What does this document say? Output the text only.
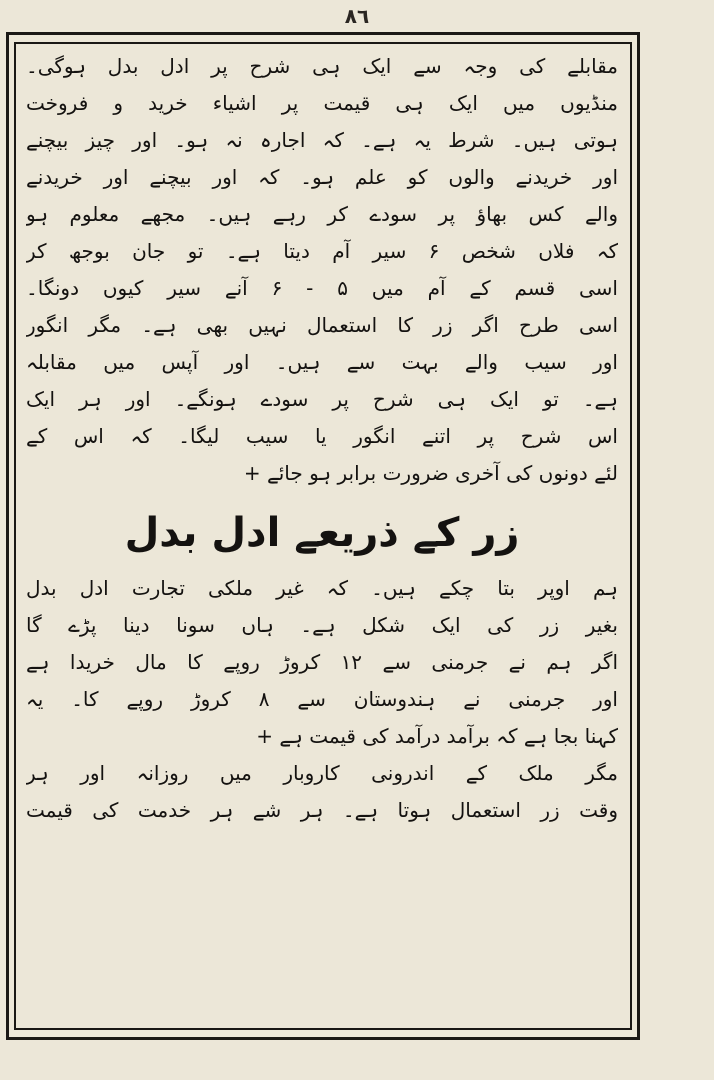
٨٦
مقابلے کی وجہ سے ایک ہی شرح پر ادل بدل ہوگی۔
منڈیوں میں ایک ہی قیمت پر اشیاء خرید و فروخت
ہوتی ہیں۔ شرط یہ ہے۔ کہ اجارہ نہ ہو۔ اور چیز بیچنے
اور خریدنے والوں کو علم ہو۔ کہ اور بیچنے اور خریدنے
والے کس بھاؤ پر سودے کر رہے ہیں۔ مجھے معلوم ہو
کہ فلاں شخص ۶ سیر آم دیتا ہے۔ تو جان بوجھ کر
اسی قسم کے آم میں ۵ - ۶ آنے سیر کیوں دونگا۔
اسی طرح اگر زر کا استعمال نہیں بھی ہے۔ مگر انگور
اور سیب والے بہت سے ہیں۔ اور آپس میں مقابلہ
ہے۔ تو ایک ہی شرح پر سودے ہونگے۔ اور ہر ایک
اس شرح پر اتنے انگور یا سیب لیگا۔ کہ اس کے
لئے دونوں کی آخری ضرورت برابر ہو جائے +
زر کے ذریعے ادل بدل
ہم اوپر بتا چکے ہیں۔ کہ غیر ملکی تجارت ادل بدل
بغیر زر کی ایک شکل ہے۔ ہاں سونا دینا پڑے گا
اگر ہم نے جرمنی سے ۱۲ کروڑ روپے کا مال خریدا ہے
اور جرمنی نے ہندوستان سے ۸ کروڑ روپے کا۔ یہ
کہنا بجا ہے کہ برآمد درآمد کی قیمت ہے +
مگر ملک کے اندرونی کاروبار میں روزانہ اور ہر
وقت زر استعمال ہوتا ہے۔ ہر شے ہر خدمت کی قیمت
